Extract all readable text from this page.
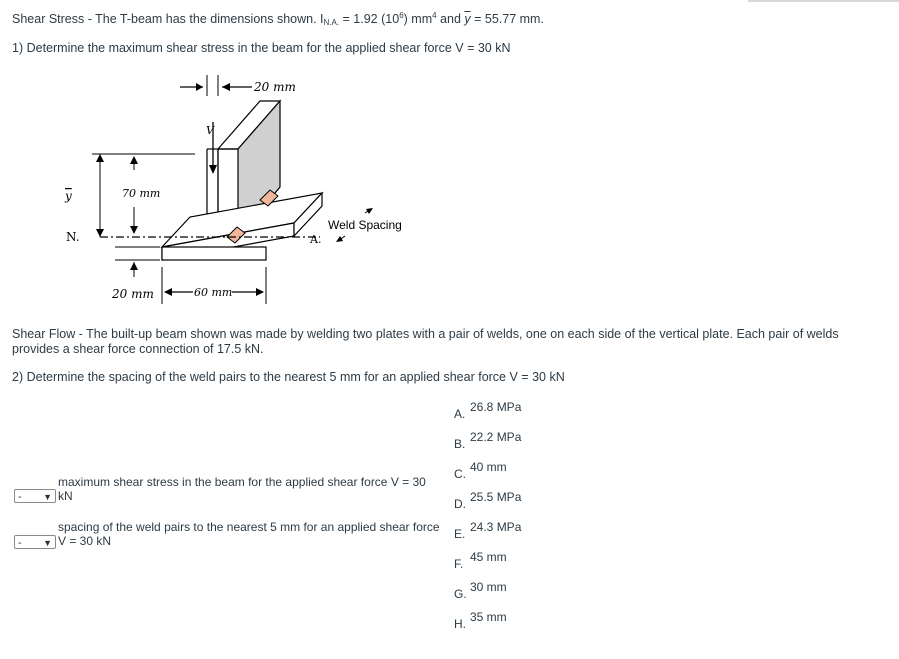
Shear Stress - The T-beam has the dimensions shown. $I_{N.A.} = 1.92$ $(10^6)$ $mm^4$ and $\overline{y} = 55.77$ mm.
1) Determine the maximum shear stress in the beam for the applied shear force V = 30 kN
20 mm
V
N.	A.
Weld Spacing
y	70 mm
20 mm	60 mm
Shear Flow - The built-up beam shown was made by welding two plates with a pair of welds, one on each side of the vertical plate. Each pair of welds provides a shear force connection of 17.5 kN.
2) Determine the spacing of the weld pairs to the nearest 5 mm for an applied shear force V = 30 kN
- ▼
maximum shear stress in the beam for the applied shear force V = 30 kN
- ▼
spacing of the weld pairs to the nearest 5 mm for an applied shear force V = 30 kN
A. 26.8 MPa
B. 22.2 MPa
C. 40 mm
D. 25.5 MPa
E. 24.3 MPa
F. 45 mm
G. 30 mm
H. 35 mm
